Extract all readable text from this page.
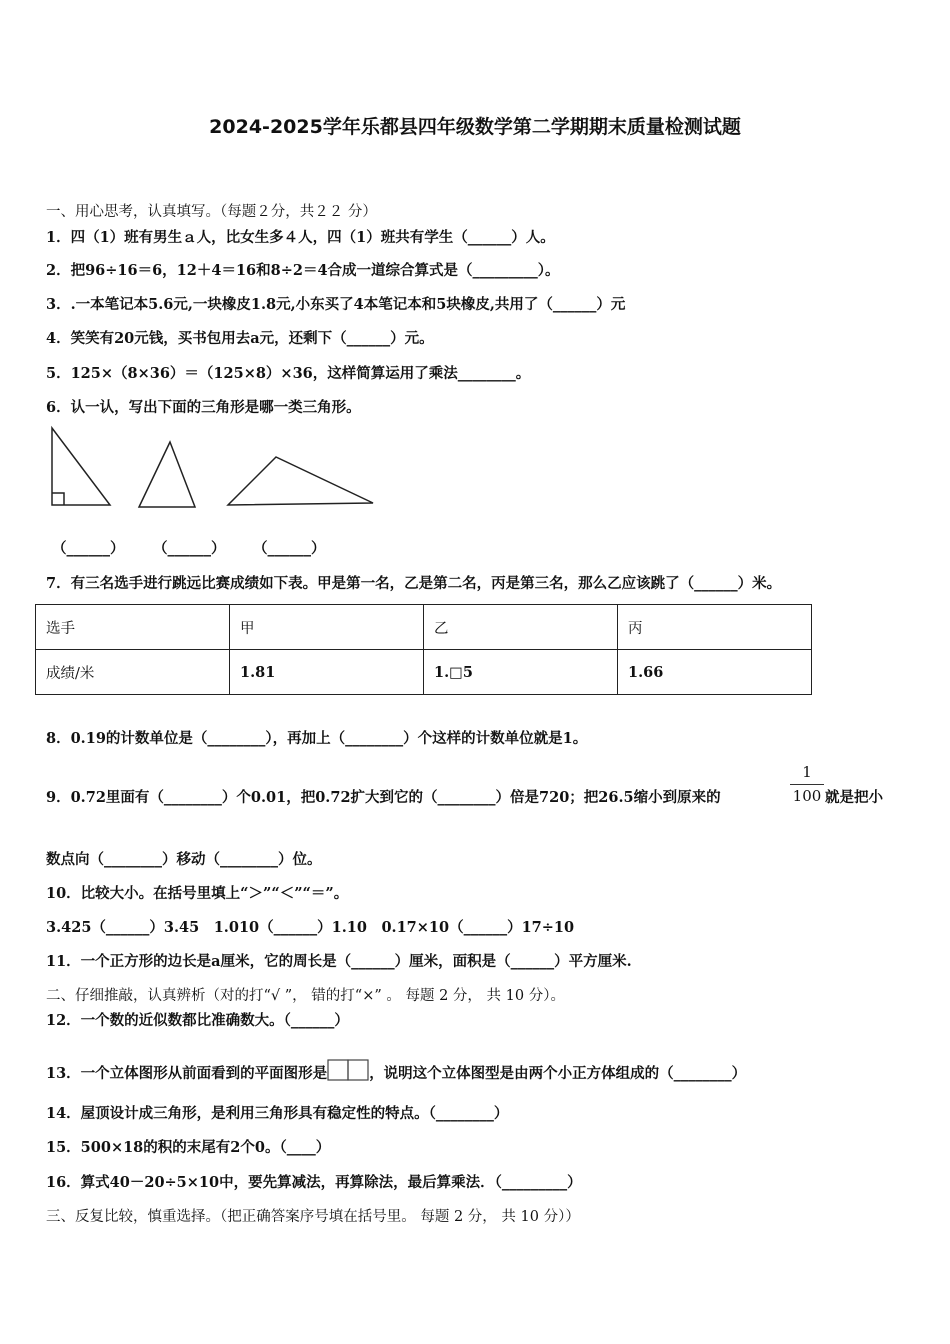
2024-2025学年乐都县四年级数学第二学期期末质量检测试题
一、用心思考，认真填写。（每题２分，共２２ 分）
1．四（1）班有男生ａ人，比女生多４人，四（1）班共有学生（______）人。
2．把96÷16＝6，12＋4＝16和8÷2＝4合成一道综合算式是（_________）。
3．.一本笔记本5.6元,一块橡皮1.8元,小东买了4本笔记本和5块橡皮,共用了（______）元
4．笑笑有20元钱，买书包用去a元，还剩下（______）元。
5．125×（8×36）＝（125×8）×36，这样简算运用了乘法________。
6．认一认，写出下面的三角形是哪一类三角形。
（______） （______） （______）
7．有三名选手进行跳远比赛成绩如下表。甲是第一名，乙是第二名，丙是第三名，那么乙应该跳了（______）米。
选手	甲	乙	丙
成绩/米	1.81	1.□5	1.66
8．0.19的计数单位是（________），再加上（________）个这样的计数单位就是1。
9．0.72里面有（________）个0.01，把0.72扩大到它的（________）倍是720；把26.5缩小到原来的
1
100 就是把小
数点向（________）移动（________）位。
10．比较大小。在括号里填上“＞”“＜”“＝”。
3.425（______）3.45　1.010（______）1.10　0.17×10（______）17÷10
11．一个正方形的边长是a厘米，它的周长是（______）厘米，面积是（______）平方厘米.
二、仔细推敲，认真辨析（对的打“√ ”， 错的打“×” 。 每题 2 分， 共 10 分）。
12．一个数的近似数都比准确数大。（______）
13．一个立体图形从前面看到的平面图形是	，说明这个立体图型是由两个小正方体组成的（________）
14．屋顶设计成三角形，是利用三角形具有稳定性的特点。（________）
15．500×18的积的末尾有2个0。（____）
16．算式40－20÷5×10中，要先算减法，再算除法，最后算乘法．（_________）
三、反复比较，慎重选择。（把正确答案序号填在括号里。 每题 2 分， 共 10 分））
